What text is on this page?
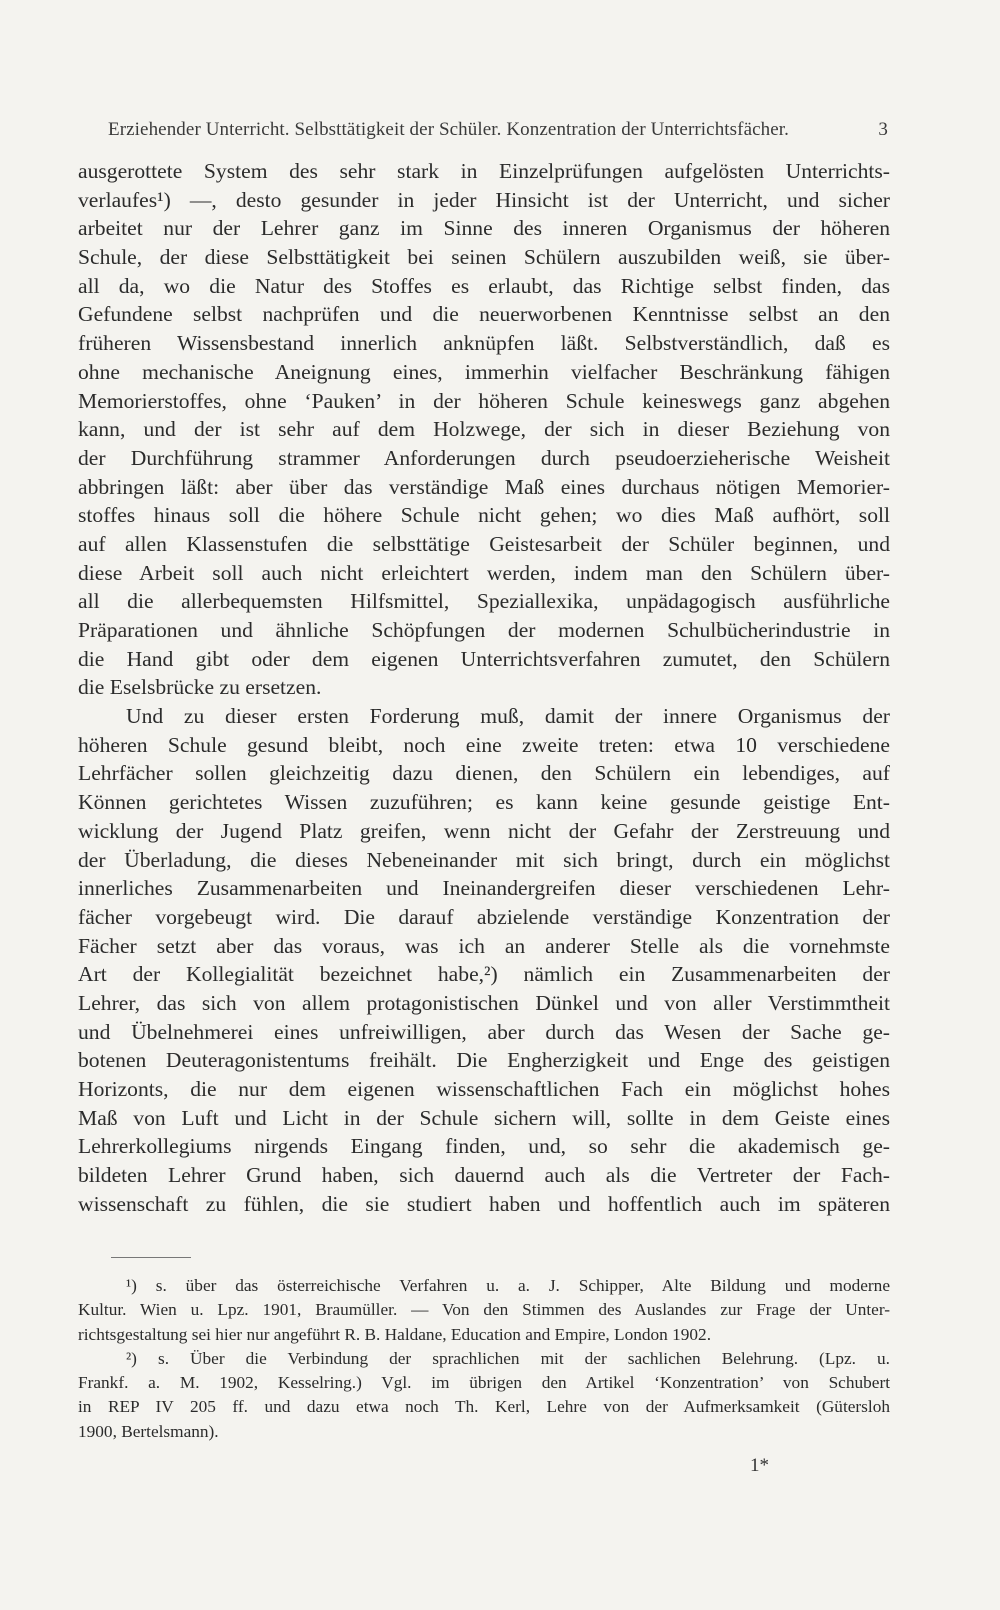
Erziehender Unterricht. Selbsttätigkeit der Schüler. Konzentration der Unterrichtsfächer.	3
ausgerottete System des sehr stark in Einzelprüfungen aufgelösten Unterrichts-
verlaufes¹) —, desto gesunder in jeder Hinsicht ist der Unterricht, und sicher
arbeitet nur der Lehrer ganz im Sinne des inneren Organismus der höheren
Schule, der diese Selbsttätigkeit bei seinen Schülern auszubilden weiß, sie über-
all da, wo die Natur des Stoffes es erlaubt, das Richtige selbst finden, das
Gefundene selbst nachprüfen und die neuerworbenen Kenntnisse selbst an den
früheren Wissensbestand innerlich anknüpfen läßt. Selbstverständlich, daß es
ohne mechanische Aneignung eines, immerhin vielfacher Beschränkung fähigen
Memorierstoffes, ohne ‘Pauken’ in der höheren Schule keineswegs ganz abgehen
kann, und der ist sehr auf dem Holzwege, der sich in dieser Beziehung von
der Durchführung strammer Anforderungen durch pseudoerzieherische Weisheit
abbringen läßt: aber über das verständige Maß eines durchaus nötigen Memorier-
stoffes hinaus soll die höhere Schule nicht gehen; wo dies Maß aufhört, soll
auf allen Klassenstufen die selbsttätige Geistesarbeit der Schüler beginnen, und
diese Arbeit soll auch nicht erleichtert werden, indem man den Schülern über-
all die allerbequemsten Hilfsmittel, Speziallexika, unpädagogisch ausführliche
Präparationen und ähnliche Schöpfungen der modernen Schulbücherindustrie in
die Hand gibt oder dem eigenen Unterrichtsverfahren zumutet, den Schülern
die Eselsbrücke zu ersetzen.
Und zu dieser ersten Forderung muß, damit der innere Organismus der
höheren Schule gesund bleibt, noch eine zweite treten: etwa 10 verschiedene
Lehrfächer sollen gleichzeitig dazu dienen, den Schülern ein lebendiges, auf
Können gerichtetes Wissen zuzuführen; es kann keine gesunde geistige Ent-
wicklung der Jugend Platz greifen, wenn nicht der Gefahr der Zerstreuung und
der Überladung, die dieses Nebeneinander mit sich bringt, durch ein möglichst
innerliches Zusammenarbeiten und Ineinandergreifen dieser verschiedenen Lehr-
fächer vorgebeugt wird. Die darauf abzielende verständige Konzentration der
Fächer setzt aber das voraus, was ich an anderer Stelle als die vornehmste
Art der Kollegialität bezeichnet habe,²) nämlich ein Zusammenarbeiten der
Lehrer, das sich von allem protagonistischen Dünkel und von aller Verstimmtheit
und Übelnehmerei eines unfreiwilligen, aber durch das Wesen der Sache ge-
botenen Deuteragonistentums freihält. Die Engherzigkeit und Enge des geistigen
Horizonts, die nur dem eigenen wissenschaftlichen Fach ein möglichst hohes
Maß von Luft und Licht in der Schule sichern will, sollte in dem Geiste eines
Lehrerkollegiums nirgends Eingang finden, und, so sehr die akademisch ge-
bildeten Lehrer Grund haben, sich dauernd auch als die Vertreter der Fach-
wissenschaft zu fühlen, die sie studiert haben und hoffentlich auch im späteren
¹) s. über das österreichische Verfahren u. a. J. Schipper, Alte Bildung und moderne
Kultur. Wien u. Lpz. 1901, Braumüller. — Von den Stimmen des Auslandes zur Frage der Unter-
richtsgestaltung sei hier nur angeführt R. B. Haldane, Education and Empire, London 1902.
²) s. Über die Verbindung der sprachlichen mit der sachlichen Belehrung. (Lpz. u.
Frankf. a. M. 1902, Kesselring.) Vgl. im übrigen den Artikel ‘Konzentration’ von Schubert
in REP IV 205 ff. und dazu etwa noch Th. Kerl, Lehre von der Aufmerksamkeit (Gütersloh
1900, Bertelsmann).
1*
